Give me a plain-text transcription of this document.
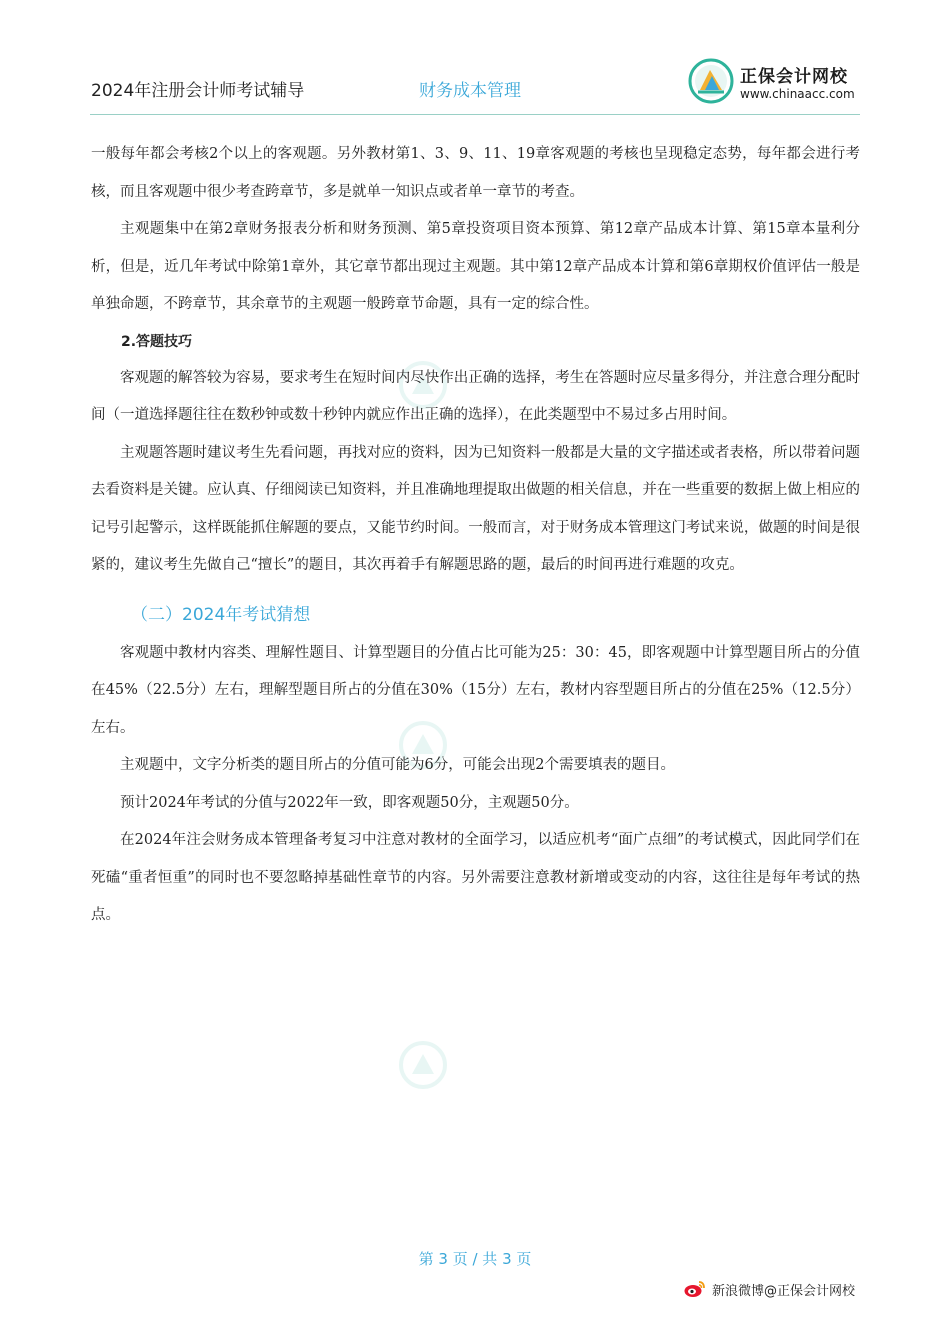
2024年注册会计师考试辅导	财务成本管理
正保会计网校
www.chinaacc.com

一般每年都会考核2个以上的客观题。另外教材第1、3、9、11、19章客观题的考核也呈现稳定态势，每年都会进行考核，而且客观题中很少考查跨章节，多是就单一知识点或者单一章节的考查。

主观题集中在第2章财务报表分析和财务预测、第5章投资项目资本预算、第12章产品成本计算、第15章本量利分析，但是，近几年考试中除第1章外，其它章节都出现过主观题。其中第12章产品成本计算和第6章期权价值评估一般是单独命题，不跨章节，其余章节的主观题一般跨章节命题，具有一定的综合性。

2.答题技巧

客观题的解答较为容易，要求考生在短时间内尽快作出正确的选择，考生在答题时应尽量多得分，并注意合理分配时间（一道选择题往往在数秒钟或数十秒钟内就应作出正确的选择），在此类题型中不易过多占用时间。

主观题答题时建议考生先看问题，再找对应的资料，因为已知资料一般都是大量的文字描述或者表格，所以带着问题去看资料是关键。应认真、仔细阅读已知资料，并且准确地理提取出做题的相关信息，并在一些重要的数据上做上相应的记号引起警示，这样既能抓住解题的要点，又能节约时间。一般而言，对于财务成本管理这门考试来说，做题的时间是很紧的，建议考生先做自己“擅长”的题目，其次再着手有解题思路的题，最后的时间再进行难题的攻克。

（二）2024年考试猜想

客观题中教材内容类、理解性题目、计算型题目的分值占比可能为25：30：45，即客观题中计算型题目所占的分值在45%（22.5分）左右，理解型题目所占的分值在30%（15分）左右，教材内容型题目所占的分值在25%（12.5分）左右。

主观题中，文字分析类的题目所占的分值可能为6分，可能会出现2个需要填表的题目。

预计2024年考试的分值与2022年一致，即客观题50分，主观题50分。

在2024年注会财务成本管理备考复习中注意对教材的全面学习，以适应机考“面广点细”的考试模式，因此同学们在死磕“重者恒重”的同时也不要忽略掉基础性章节的内容。另外需要注意教材新增或变动的内容，这往往是每年考试的热点。

第 3 页 / 共 3 页
新浪微博@正保会计网校
